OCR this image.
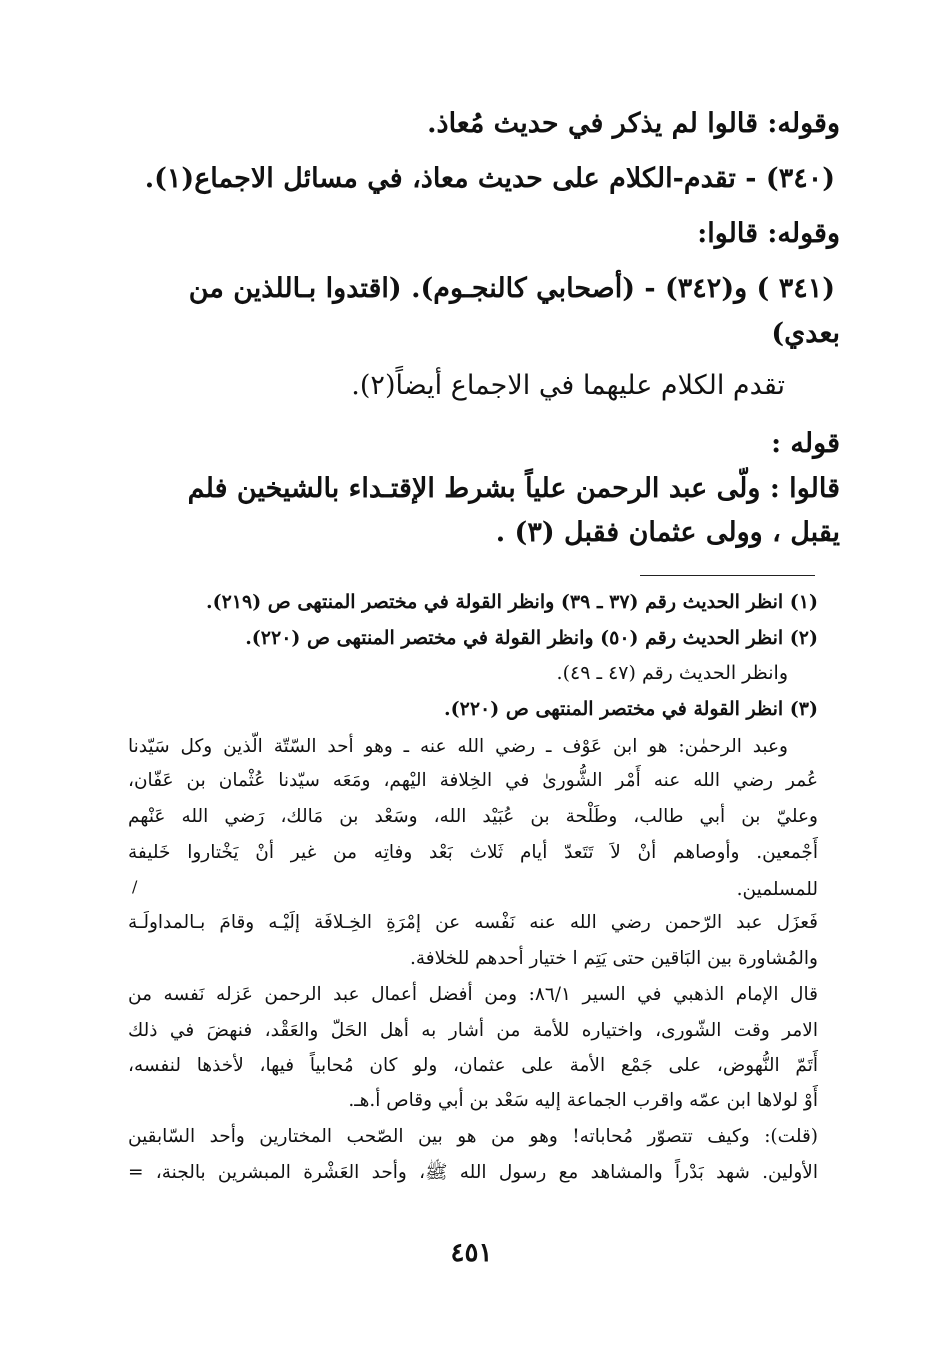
وقوله: قالوا لم يذكر في حديث مُعاذ.

(٣٤٠) - تقدم-الكلام على حديث معاذ، في مسائل الاجماع(١).

وقوله: قالوا:

(٣٤١ ) و(٣٤٢) - (أصحابي كالنجـوم). (اقتدوا بـاللذين من

بعدي)

تقدم الكلام عليهما في الاجماع أيضاً(٢).

قوله :

قالوا : ولّى عبد الرحمن علياً بشرط الإقتـداء بالشيخين فلم

يقبل ، وولى عثمان فقبل (٣) .

(١) انظر الحديث رقم (٣٧ ـ ٣٩) وانظر القولة في مختصر المنتهى ص (٢١٩).

(٢) انظر الحديث رقم (٥٠) وانظر القولة في مختصر المنتهى ص (٢٢٠).

وانظر الحديث رقم (٤٧ ـ ٤٩).

(٣) انظر القولة في مختصر المنتهى ص (٢٢٠).

وعبد الرحمٰن: هو ابن عَوْف ـ رضي الله عنه ـ وهو أحد السّتّة الّذين وكل سَيّدنا

عُمر رضي الله عنه أَمْر الشُّورىٰ في الخِلافة اليْهم، ومَعَه سيّدنا عُثْمان بن عَفّان،

وعليّ بن أبي طالب، وطَلْحة بن عُبَيْد الله، وسَعْد بن مَالك، رَضي الله عَنْهم

أَجْمعين. وأوصاهم أنْ لاَ تَتَعدّ أيام ثَلاث بَعْد وفاتِه من غير أنْ يَخْتاروا خَليفة

للمسلمين.

/

فَعزَل عبد الرّحمن رضي الله عنه نَفْسه عن إمْرَةِ الخِـلافَة إلَيْـه وقامَ بـالمداولَـة

والمُشاورة بين البَاقين حتى يَتِم ا ختيار أحدهم للخلافة.

قال الإمام الذهبي في السير ٨٦/١: ومن أفضل أعمال عبد الرحمن عَزله نَفسه من

الامر وقت الشّورى، واختياره للأمة من أشار به أهل الحَلّ والعَقْد، فنهضَ في ذلك

أَتَمّ النُّهوض، على جَمْع الأمة على عثمان، ولو كان مُحابياً فيها، لأخذها لنفسه،

أَوْ لولاها ابن عمّه واقرب الجماعة إليه سَعْد بن أبي وقاص أ.هـ.

(قلت): وكيف تتصوّر مُحاباته! وهو من هو بين الصّحب المختارين وأحد السّابقين

الأولين. شهد بَدْراً والمشاهد مع رسول الله ﷺ، وأحد العَشْرة المبشرين بالجنة، =

٤٥١
